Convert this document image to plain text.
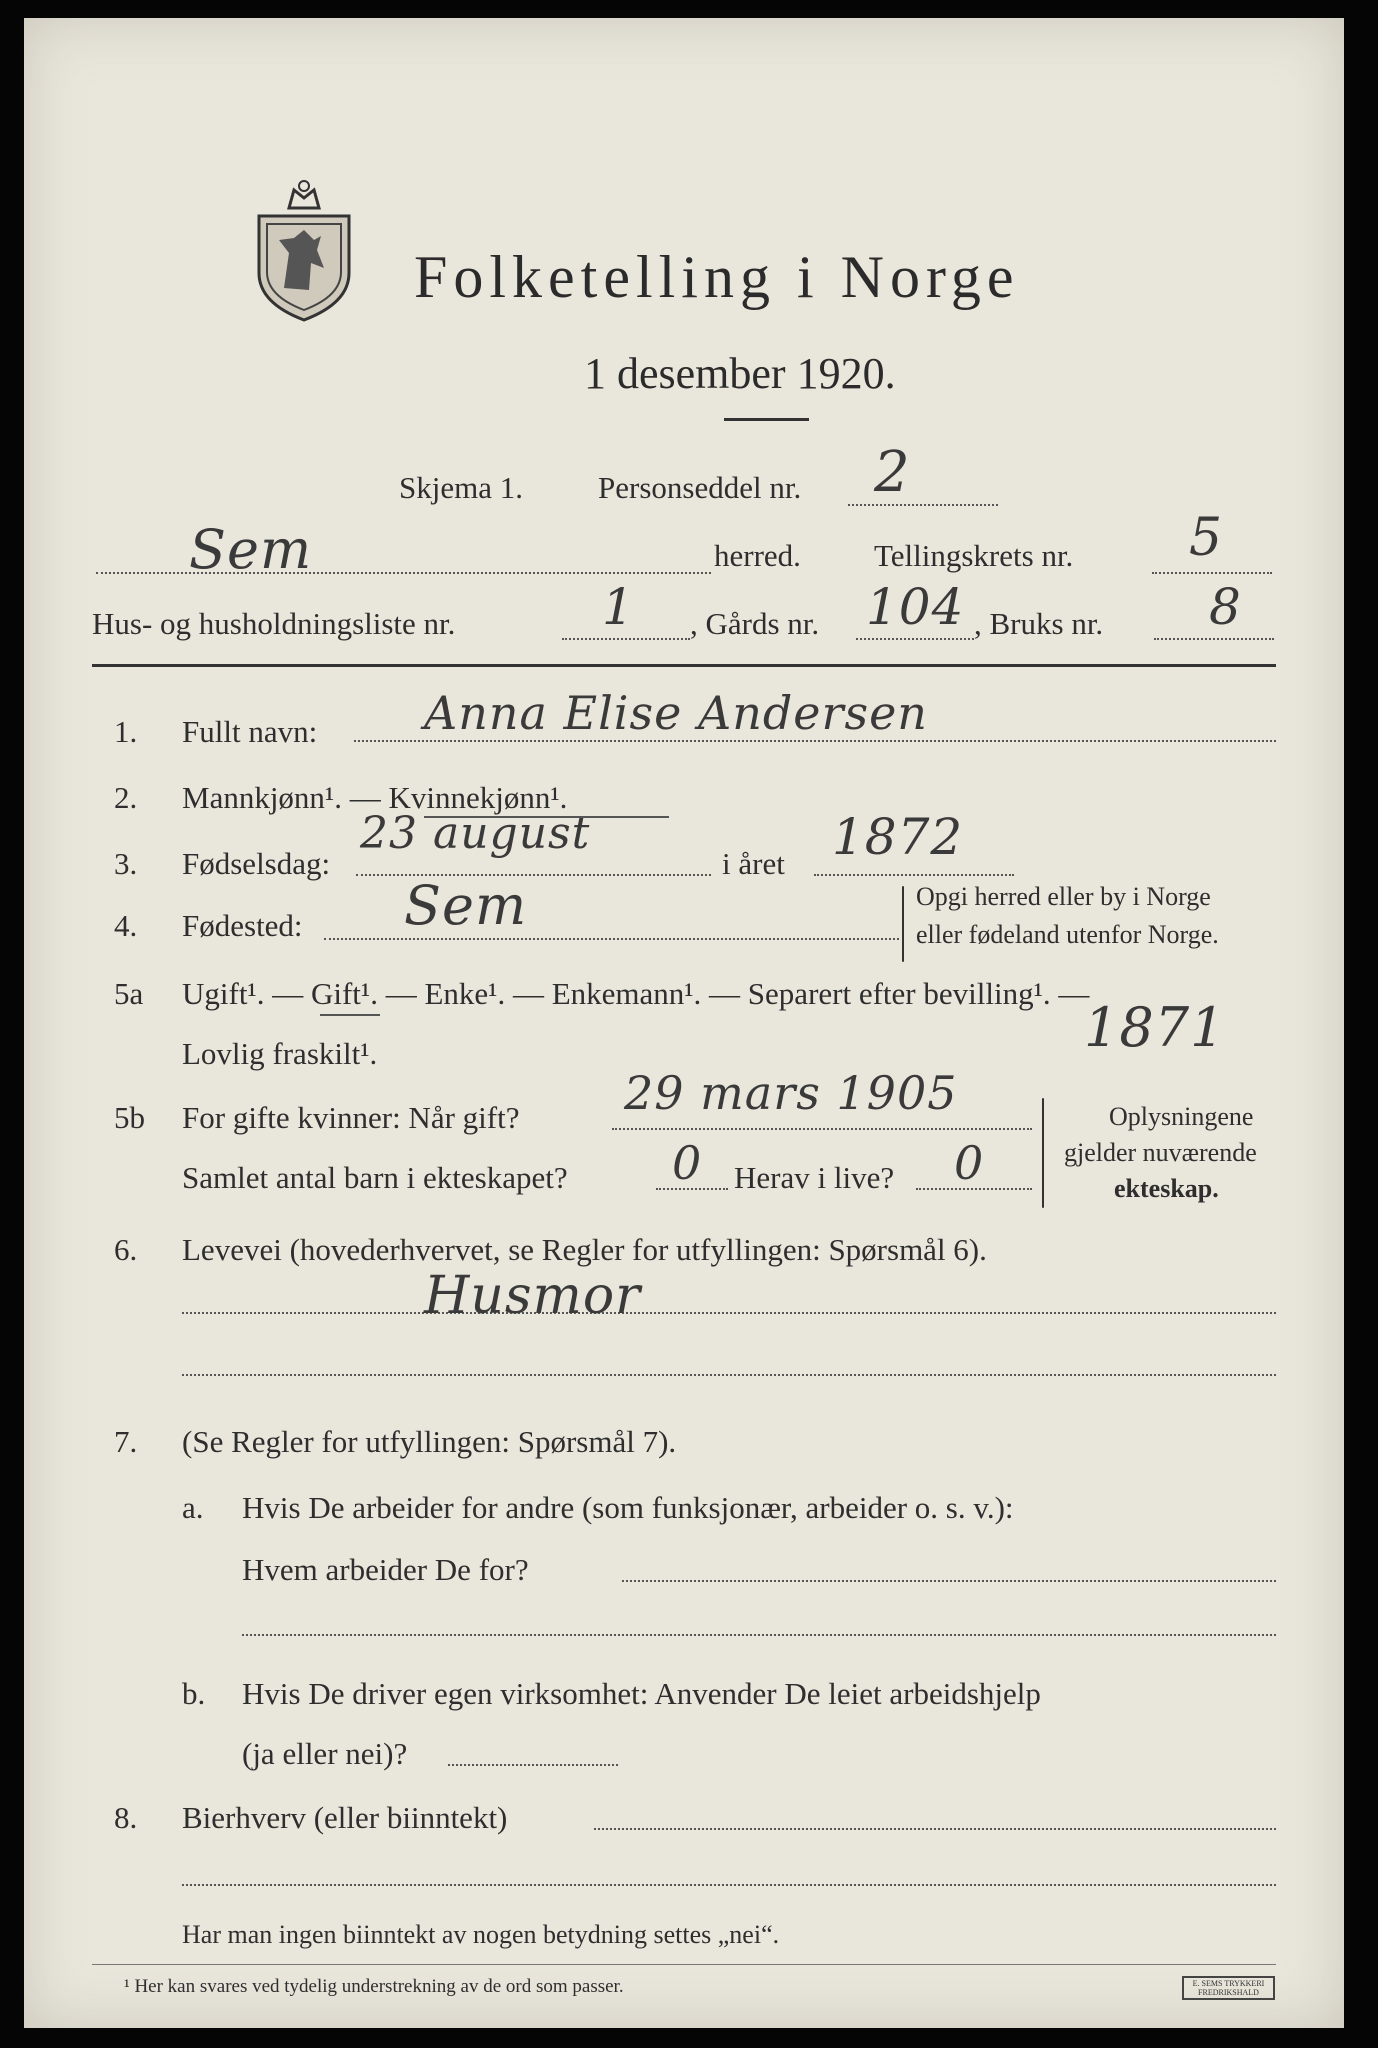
Folketelling i Norge
1 desember 1920.
Skjema 1. Personseddel nr. 2
Sem	herred. Tellingskrets nr. 5
Hus- og husholdningsliste nr.	1 , Gårds nr. 104 , Bruks nr. 8
1. Fullt navn: Anna Elise Andersen
2. Mannkjønn¹. — Kvinnekjønn¹.
3. Fødselsdag:
23 august
i året 1872
4. Fødested: Sem	Opgi herred eller by i Norge
eller fødeland utenfor Norge.
5a Ugift¹. — Gift¹. — Enke¹. — Enkemann¹. — Separert efter bevilling¹. —
Lovlig fraskilt¹.	1871
5b For gifte kvinner: Når gift? 29 mars 1905
Samlet antal barn i ekteskapet? 0 Herav i live? 0
Oplysningene
gjelder nuværende
ekteskap.
6. Levevei (hovederhvervet, se Regler for utfyllingen: Spørsmål 6).
Husmor
7. (Se Regler for utfyllingen: Spørsmål 7).
a. Hvis De arbeider for andre (som funksjonær, arbeider o. s. v.):
Hvem arbeider De for?
b. Hvis De driver egen virksomhet: Anvender De leiet arbeidshjelp
(ja eller nei)?
8. Bierhverv (eller biinntekt)
Har man ingen biinntekt av nogen betydning settes „nei“.
¹ Her kan svares ved tydelig understrekning av de ord som passer.	E. SEMS TRYKKERI FREDRIKSHALD
